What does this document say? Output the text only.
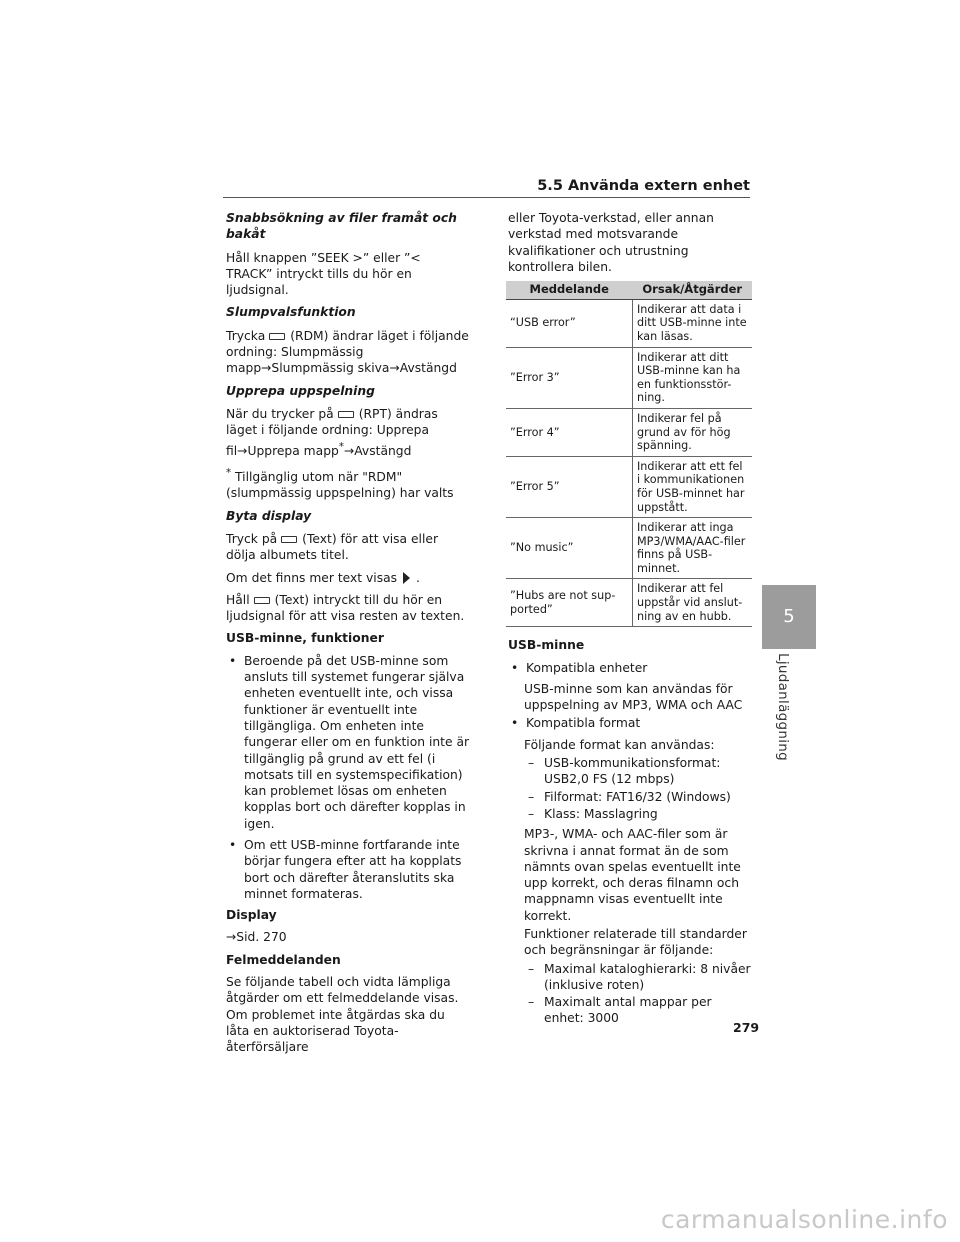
5.5 Använda extern enhet

Snabbsökning av filer framåt och bakåt

Håll knappen ”SEEK >” eller ”< TRACK” intryckt tills du hör en ljudsignal.

Slumpvalsfunktion

Trycka (RDM) ändrar läget i följande ordning: Slumpmässig mapp→Slumpmässig skiva→Avstängd

Upprepa uppspelning

När du trycker på (RPT) ändras läget i följande ordning: Upprepa fil→Upprepa mapp*→Avstängd

* Tillgänglig utom när "RDM" (slumpmässig uppspelning) har valts

Byta display

Tryck på (Text) för att visa eller dölja albumets titel.

Om det finns mer text visas .

Håll (Text) intryckt till du hör en ljudsignal för att visa resten av texten.

USB-minne, funktioner

• Beroende på det USB-minne som ansluts till systemet fungerar själva enheten eventuellt inte, och vissa funktioner är eventuellt inte tillgängliga. Om enheten inte fungerar eller om en funktion inte är tillgänglig på grund av ett fel (i motsats till en systemspecifikation) kan problemet lösas om enheten kopplas bort och därefter kopplas in igen.
• Om ett USB-minne fortfarande inte börjar fungera efter att ha kopplats bort och därefter återanslutits ska minnet formateras.

Display

→Sid. 270

Felmeddelanden

Se följande tabell och vidta lämpliga åtgärder om ett felmeddelande visas. Om problemet inte åtgärdas ska du låta en auktoriserad Toyota-återförsäljare

eller Toyota-verkstad, eller annan verkstad med motsvarande kvalifikationer och utrustning kontrollera bilen.

Meddelande	Orsak/Åtgärder
“USB error”	Indikerar att data i ditt USB-minne inte kan läsas.
”Error 3”	Indikerar att ditt USB-minne kan ha en funktionsstör-ning.
”Error 4”	Indikerar fel på grund av för hög spänning.
”Error 5”	Indikerar att ett fel i kommunikationen för USB-minnet har uppstått.
”No music”	Indikerar att inga MP3/WMA/AAC-filer finns på USB-minnet.
”Hubs are not sup-ported”	Indikerar att fel uppstår vid anslut-ning av en hubb.

USB-minne

• Kompatibla enheter

USB-minne som kan användas för uppspelning av MP3, WMA och AAC

• Kompatibla format

Följande format kan användas:

– USB-kommunikationsformat: USB2,0 FS (12 mbps)
– Filformat: FAT16/32 (Windows)
– Klass: Masslagring

MP3-, WMA- och AAC-filer som är skrivna i annat format än de som nämnts ovan spelas eventuellt inte upp korrekt, och deras filnamn och mappnamn visas eventuellt inte korrekt.

Funktioner relaterade till standarder och begränsningar är följande:

– Maximal kataloghierarki: 8 nivåer (inklusive roten)
– Maximalt antal mappar per enhet: 3000
5
Ljudanläggning
279
carmanualsonline.info
